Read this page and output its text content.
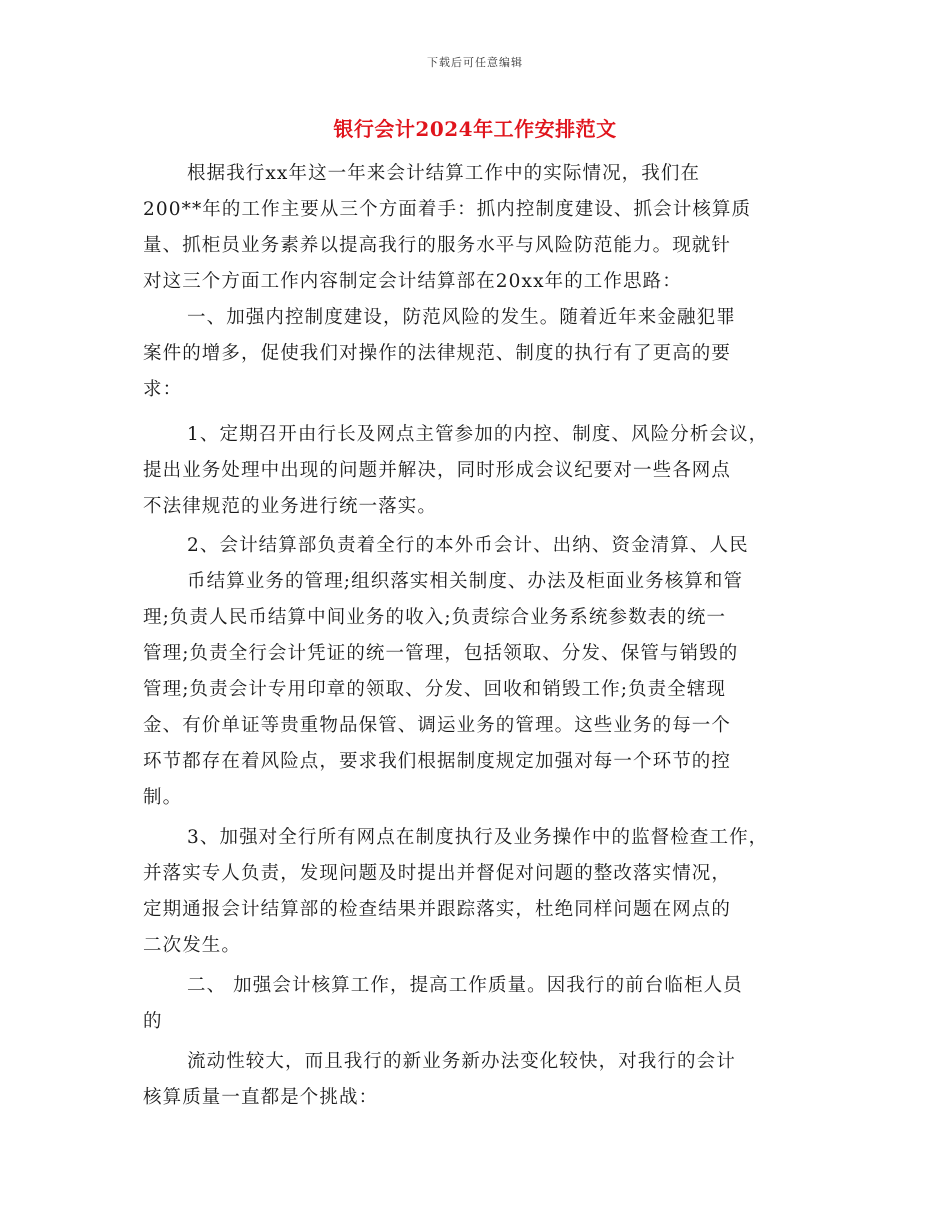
下载后可任意编辑
银行会计2024年工作安排范文
根据我行xx年这一年来会计结算工作中的实际情况，我们在
200**年的工作主要从三个方面着手：抓内控制度建设、抓会计核算质
量、抓柜员业务素养以提高我行的服务水平与风险防范能力。现就针
对这三个方面工作内容制定会计结算部在20xx年的工作思路：
一、加强内控制度建设，防范风险的发生。随着近年来金融犯罪
案件的增多，促使我们对操作的法律规范、制度的执行有了更高的要
求：
1、定期召开由行长及网点主管参加的内控、制度、风险分析会议，
提出业务处理中出现的问题并解决，同时形成会议纪要对一些各网点
不法律规范的业务进行统一落实。
2、会计结算部负责着全行的本外币会计、出纳、资金清算、人民
币结算业务的管理;组织落实相关制度、办法及柜面业务核算和管
理;负责人民币结算中间业务的收入;负责综合业务系统参数表的统一
管理;负责全行会计凭证的统一管理，包括领取、分发、保管与销毁的
管理;负责会计专用印章的领取、分发、回收和销毁工作;负责全辖现
金、有价单证等贵重物品保管、调运业务的管理。这些业务的每一个
环节都存在着风险点，要求我们根据制度规定加强对每一个环节的控
制。
3、加强对全行所有网点在制度执行及业务操作中的监督检查工作，
并落实专人负责，发现问题及时提出并督促对问题的整改落实情况，
定期通报会计结算部的检查结果并跟踪落实，杜绝同样问题在网点的
二次发生。
二、 加强会计核算工作，提高工作质量。因我行的前台临柜人员
的
流动性较大，而且我行的新业务新办法变化较快，对我行的会计
核算质量一直都是个挑战：
